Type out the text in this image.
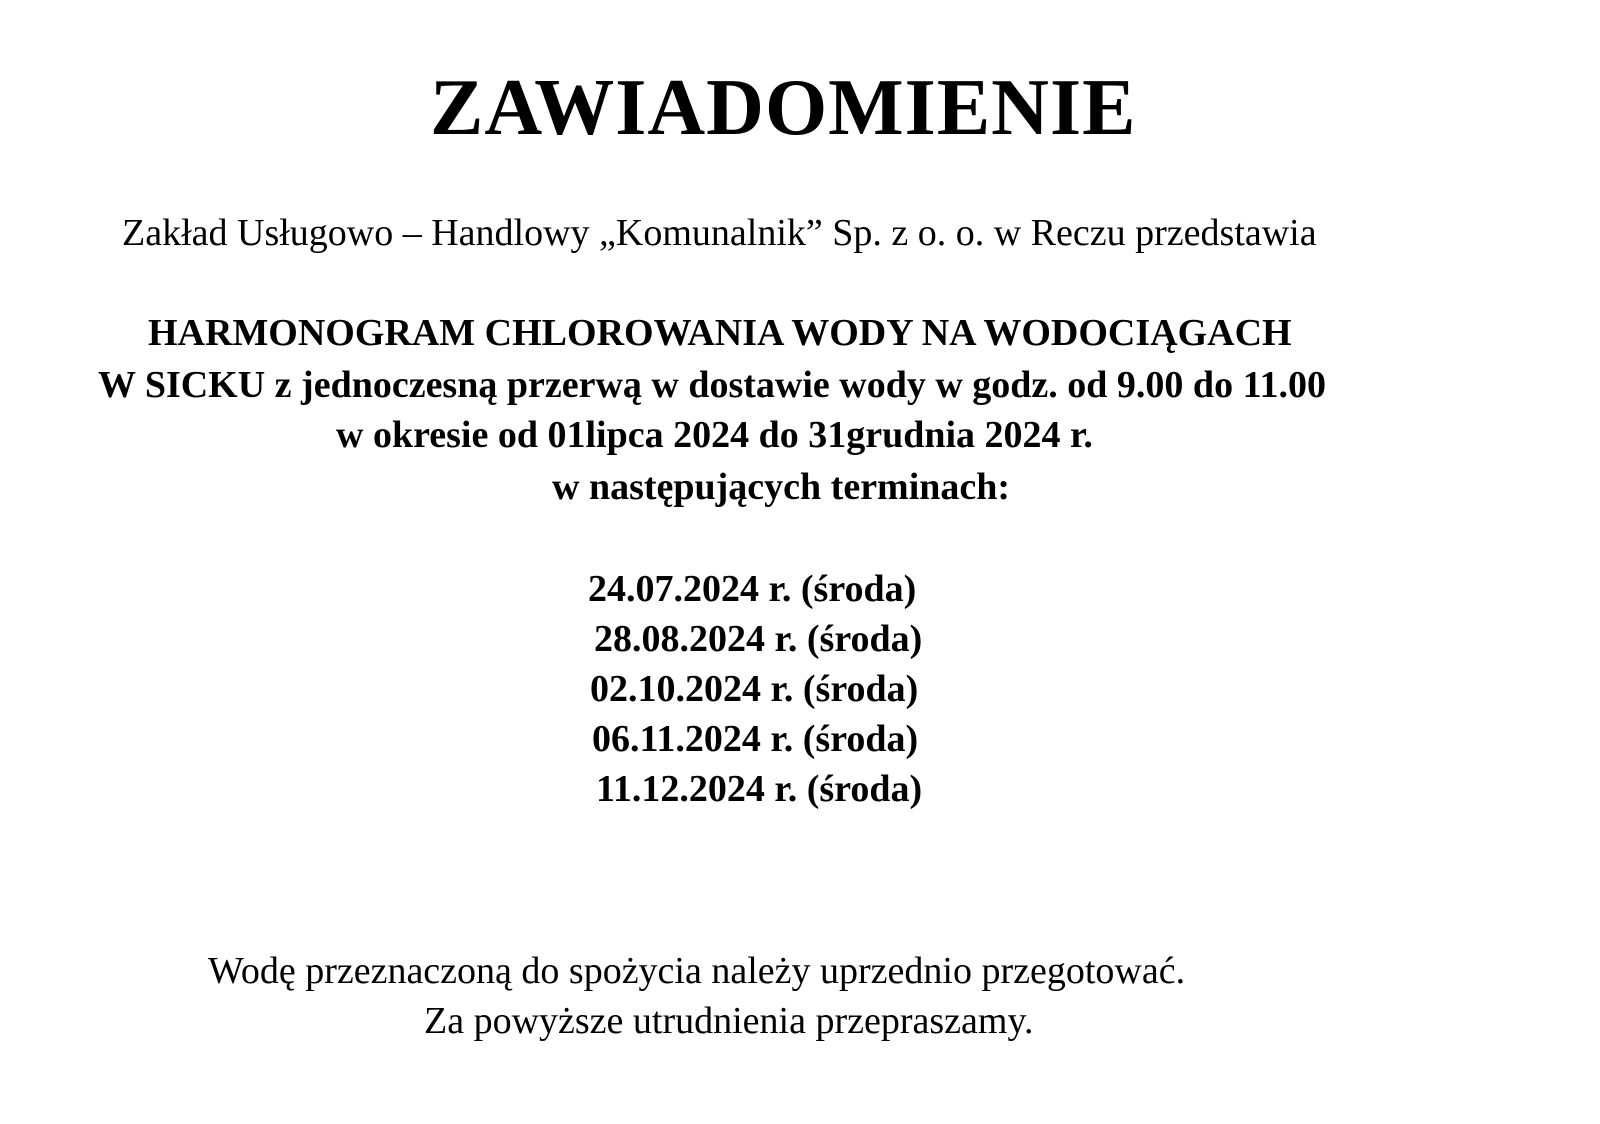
ZAWIADOMIENIE
Zakład Usługowo – Handlowy „Komunalnik” Sp. z o. o. w Reczu przedstawia
HARMONOGRAM CHLOROWANIA WODY NA WODOCIĄGACH
W SICKU z jednoczesną przerwą w dostawie wody w godz. od 9.00 do 11.00
w okresie od 01lipca 2024 do 31grudnia 2024 r.
w następujących terminach:
24.07.2024 r. (środa)
28.08.2024 r. (środa)
02.10.2024 r. (środa)
06.11.2024 r. (środa)
11.12.2024 r. (środa)
Wodę przeznaczoną do spożycia należy uprzednio przegotować.
Za powyższe utrudnienia przepraszamy.
